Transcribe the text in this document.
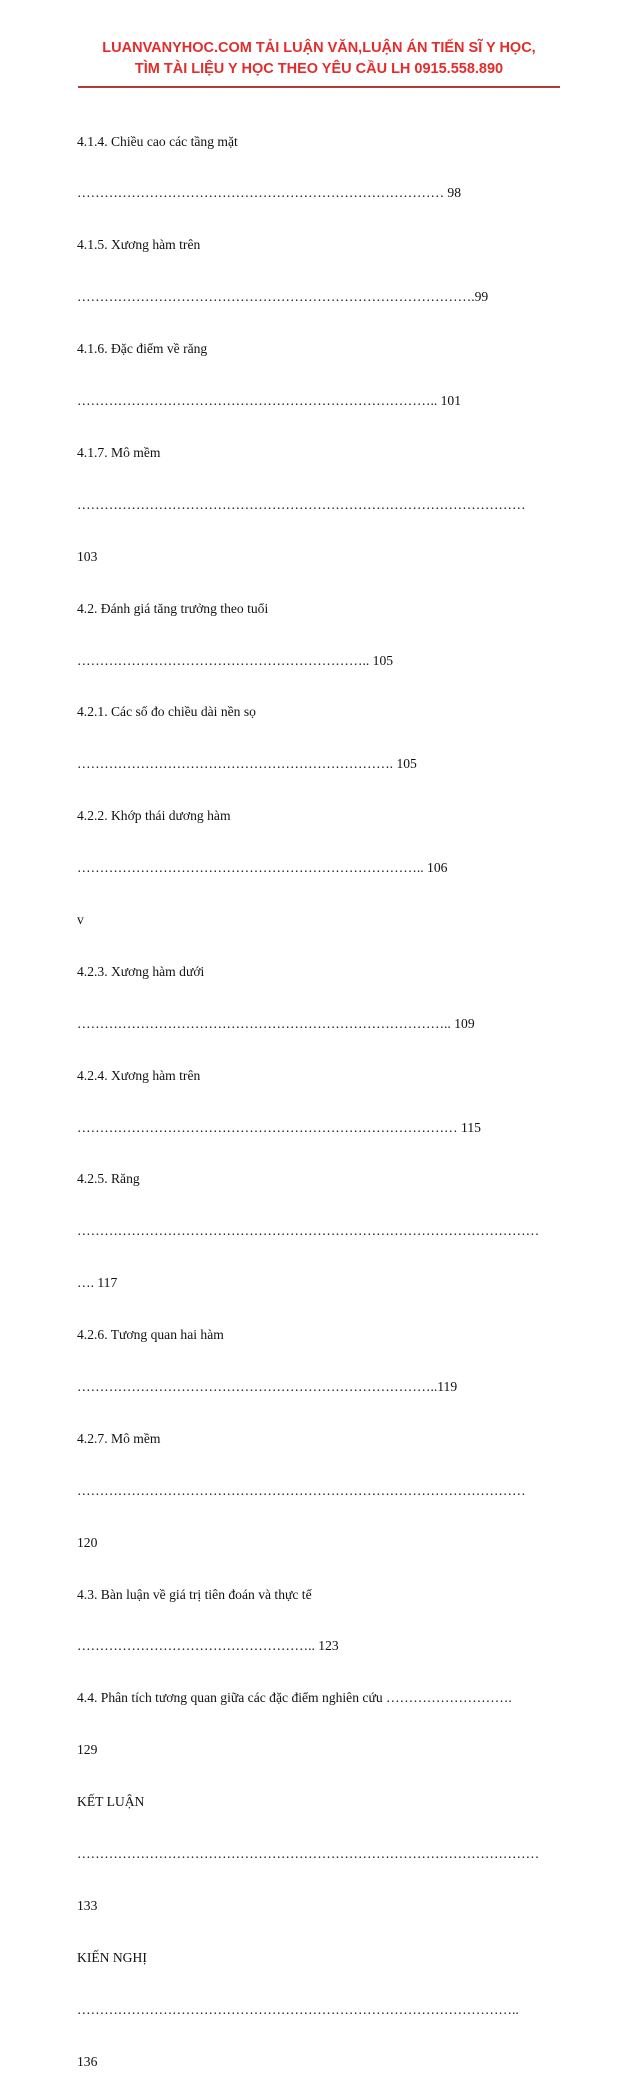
LUANVANYHOC.COM TẢI LUẬN VĂN,LUẬN ÁN TIẾN SĨ Y HỌC,
TÌM TÀI LIỆU Y HỌC THEO YÊU CẦU LH 0915.558.890

4.1.4. Chiều cao các tầng mặt

……………………………………………………………………… 98

4.1.5. Xương hàm trên

…………………………………………………………………………….99

4.1.6. Đặc điểm về răng

…………………………………………………………………….. 101

4.1.7. Mô mềm

………………………………………………………………………………………

103

4.2. Đánh giá tăng trưởng theo tuổi

……………………………………………………….. 105

4.2.1. Các số đo chiều dài nền sọ

……………………………………………………………. 105

4.2.2. Khớp thái dương hàm

………………………………………………………………….. 106

v

4.2.3. Xương hàm dưới

……………………………………………………………………….. 109

4.2.4. Xương hàm trên

………………………………………………………………………… 115

4.2.5. Răng

…………………………………………………………………………………………

…. 117

4.2.6. Tương quan hai hàm

……………………………………………………………………..119

4.2.7. Mô mềm

………………………………………………………………………………………

120

4.3. Bàn luận về giá trị tiên đoán và thực tế

…………………………………………….. 123

4.4. Phân tích tương quan giữa các đặc điểm nghiên cứu ……………………….

129

KẾT LUẬN

…………………………………………………………………………………………

133

KIẾN NGHỊ

……………………………………………………………………………………..

136
